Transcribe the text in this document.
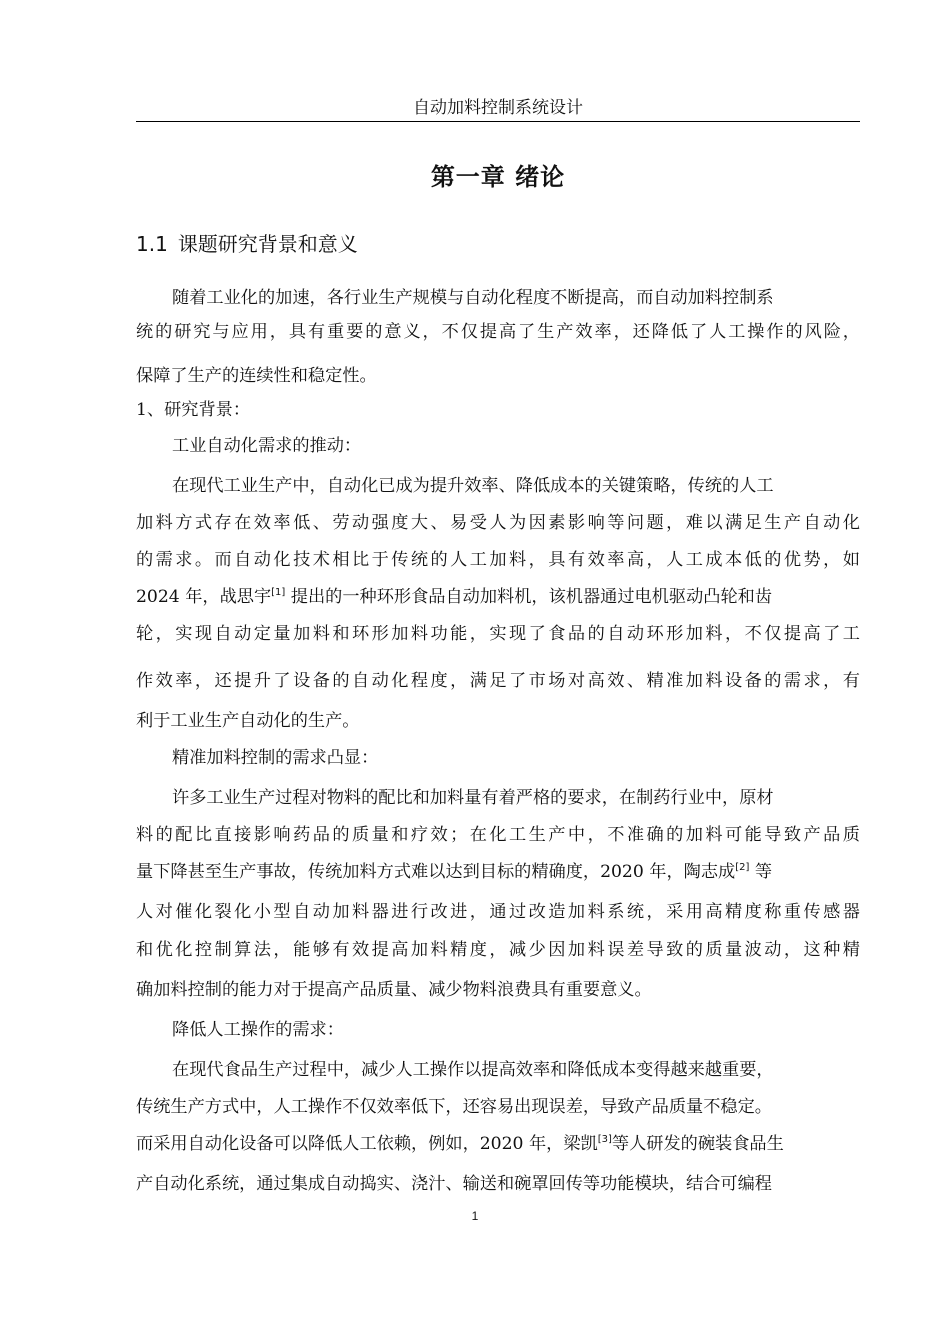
自动加料控制系统设计
第一章 绪论
1.1 课题研究背景和意义
随着工业化的加速，各行业生产规模与自动化程度不断提高，而自动加料控制系
统的研究与应用，具有重要的意义，不仅提高了生产效率，还降低了人工操作的风险，
保障了生产的连续性和稳定性。
1、研究背景：
工业自动化需求的推动：
在现代工业生产中，自动化已成为提升效率、降低成本的关键策略，传统的人工
加料方式存在效率低、劳动强度大、易受人为因素影响等问题，难以满足生产自动化
的需求。而自动化技术相比于传统的人工加料，具有效率高，人工成本低的优势，如
2024 年，战思宇[1] 提出的一种环形食品自动加料机，该机器通过电机驱动凸轮和齿
轮，实现自动定量加料和环形加料功能，实现了食品的自动环形加料，不仅提高了工
作效率，还提升了设备的自动化程度，满足了市场对高效、精准加料设备的需求，有
利于工业生产自动化的生产。
精准加料控制的需求凸显：
许多工业生产过程对物料的配比和加料量有着严格的要求，在制药行业中，原材
料的配比直接影响药品的质量和疗效；在化工生产中，不准确的加料可能导致产品质
量下降甚至生产事故，传统加料方式难以达到目标的精确度，2020 年，陶志成[2] 等
人对催化裂化小型自动加料器进行改进，通过改造加料系统，采用高精度称重传感器
和优化控制算法，能够有效提高加料精度，减少因加料误差导致的质量波动，这种精
确加料控制的能力对于提高产品质量、减少物料浪费具有重要意义。
降低人工操作的需求：
在现代食品生产过程中，减少人工操作以提高效率和降低成本变得越来越重要，
传统生产方式中，人工操作不仅效率低下，还容易出现误差，导致产品质量不稳定。
而采用自动化设备可以降低人工依赖，例如，2020 年，梁凯[3]等人研发的碗装食品生
产自动化系统，通过集成自动捣实、浇汁、输送和碗罩回传等功能模块，结合可编程
1
